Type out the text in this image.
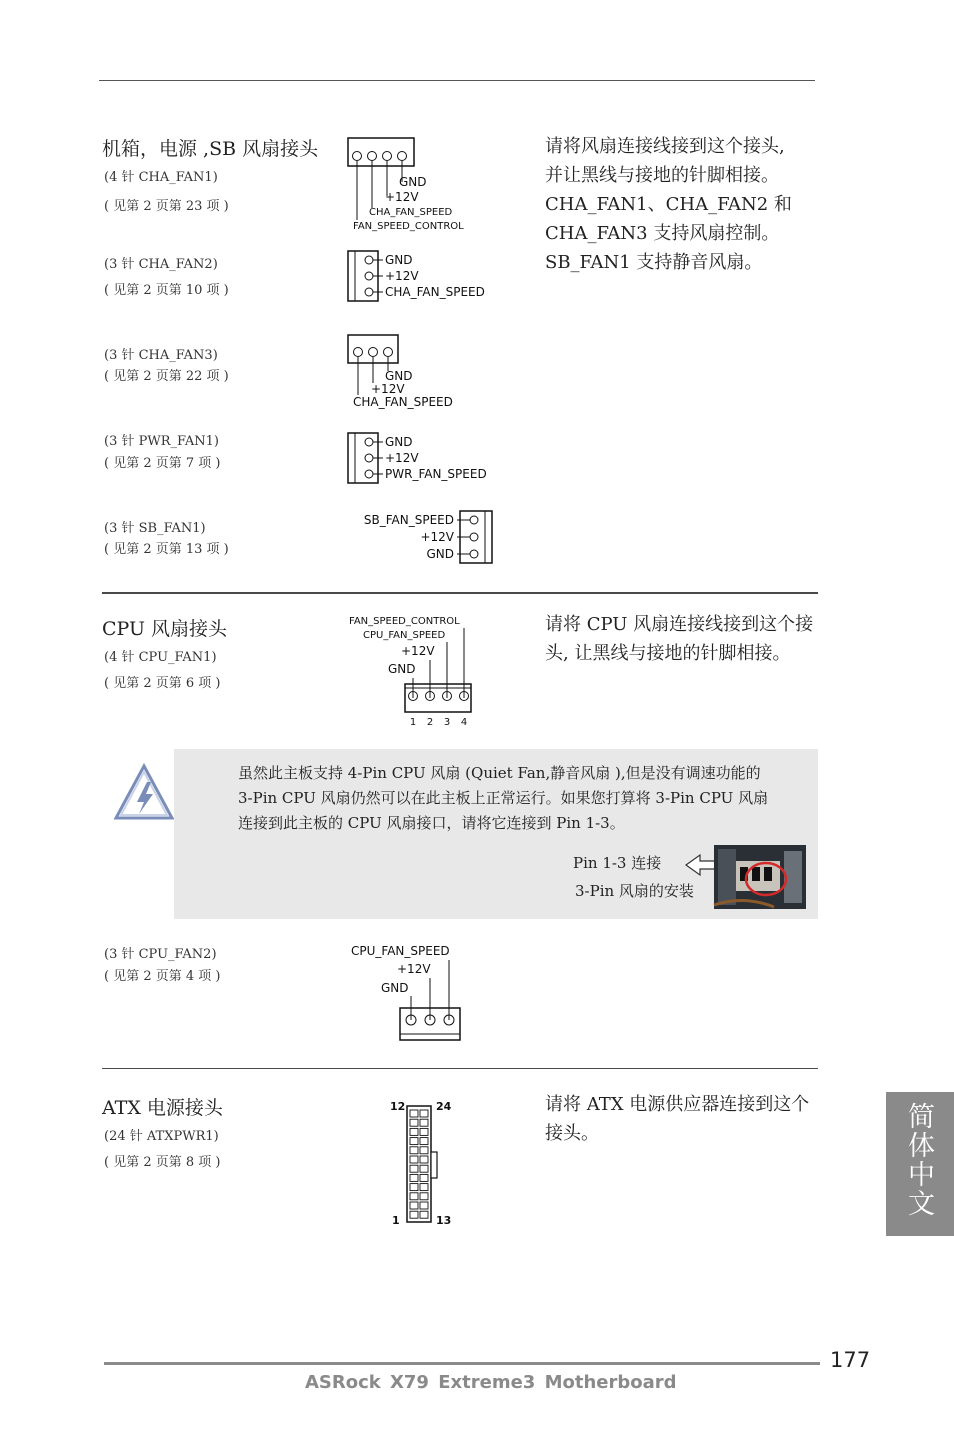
机箱，电源 ,SB 风扇接头	请将风扇连接线接到这个接头,
并让黑线与接地的针脚相接。
CHA_FAN1、CHA_FAN2 和
CHA_FAN3 支持风扇控制。
SB_FAN1 支持静音风扇。
(4 针 CHA_FAN1)
( 见第 2 页第 23 项 )
GND
+12V
CHA_FAN_SPEED
FAN_SPEED_CONTROL
(3 针 CHA_FAN2)
( 见第 2 页第 10 项 )
GND
+12V
CHA_FAN_SPEED
(3 针 CHA_FAN3)
( 见第 2 页第 22 项 )	GND
+12V
CHA_FAN_SPEED
(3 针 PWR_FAN1)
( 见第 2 页第 7 项 )
GND
+12V
PWR_FAN_SPEED
(3 针 SB_FAN1)
( 见第 2 页第 13 项 )
SB_FAN_SPEED
+12V
GND
CPU 风扇接头
(4 针 CPU_FAN1)
( 见第 2 页第 6 项 )
请将 CPU 风扇连接线接到这个接
头, 让黑线与接地的针脚相接。
FAN_SPEED_CONTROL
CPU_FAN_SPEED
+12V
GND
1 2 3 4
虽然此主板支持 4-Pin CPU 风扇 (Quiet Fan,静音风扇 ),但是没有调速功能的
3-Pin CPU 风扇仍然可以在此主板上正常运行。如果您打算将 3-Pin CPU 风扇
连接到此主板的 CPU 风扇接口，请将它连接到 Pin 1-3。
Pin 1-3 连接
3-Pin 风扇的安装
(3 针 CPU_FAN2)
( 见第 2 页第 4 项 )
CPU_FAN_SPEED
+12V
GND
ATX 电源接头
(24 针 ATXPWR1)
( 见第 2 页第 8 项 )
请将 ATX 电源供应器连接到这个
接头。
12	24
1	13
简体中文
177
ASRock X79 Extreme3 Motherboard
